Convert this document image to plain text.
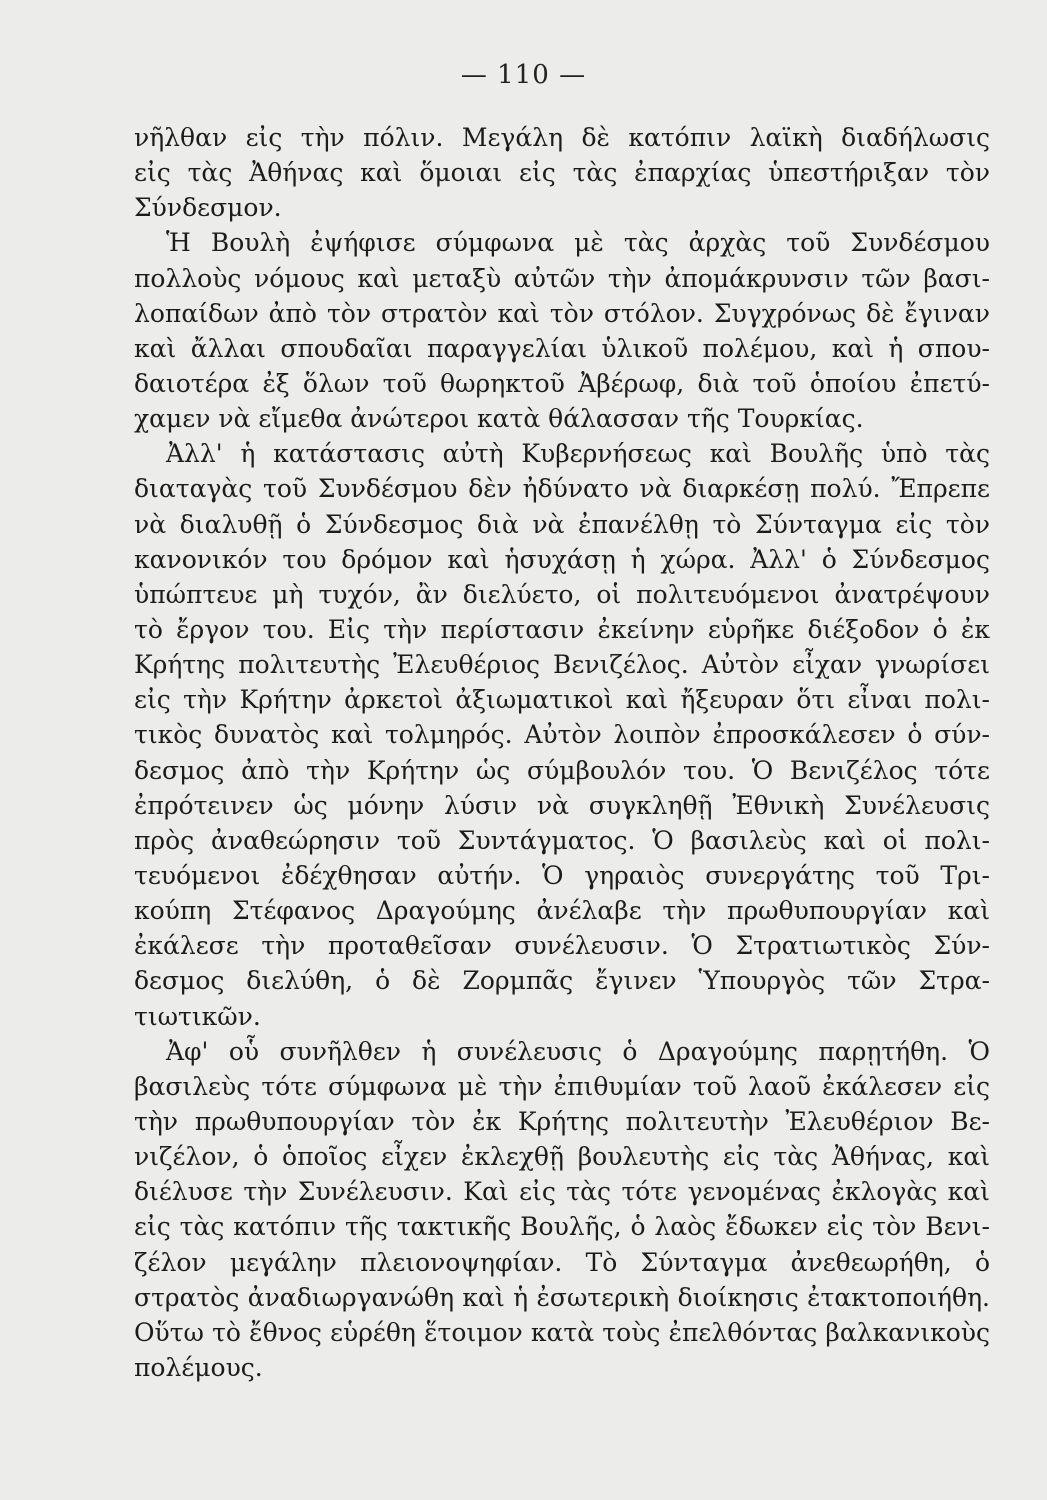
— 110 —
νῆλθαν εἰς τὴν πόλιν. Μεγάλη δὲ κατόπιν λαϊκὴ διαδήλωσις
εἰς τὰς Ἀθήνας καὶ ὅμοιαι εἰς τὰς ἐπαρχίας ὑπεστήριξαν τὸν
Σύνδεσμον.
Ἡ Βουλὴ ἐψήφισε σύμφωνα μὲ τὰς ἀρχὰς τοῦ Συνδέσμου
πολλοὺς νόμους καὶ μεταξὺ αὐτῶν τὴν ἀπομάκρυνσιν τῶν βασι-
λοπαίδων ἀπὸ τὸν στρατὸν καὶ τὸν στόλον. Συγχρόνως δὲ ἔγιναν
καὶ ἄλλαι σπουδαῖαι παραγγελίαι ὑλικοῦ πολέμου, καὶ ἡ σπου-
δαιοτέρα ἐξ ὅλων τοῦ θωρηκτοῦ Ἀβέρωφ, διὰ τοῦ ὁποίου ἐπετύ-
χαμεν νὰ εἴμεθα ἀνώτεροι κατὰ θάλασσαν τῆς Τουρκίας.
Ἀλλ' ἡ κατάστασις αὐτὴ Κυβερνήσεως καὶ Βουλῆς ὑπὸ τὰς
διαταγὰς τοῦ Συνδέσμου δὲν ἠδύνατο νὰ διαρκέσῃ πολύ. Ἔπρεπε
νὰ διαλυθῇ ὁ Σύνδεσμος διὰ νὰ ἐπανέλθῃ τὸ Σύνταγμα εἰς τὸν
κανονικόν του δρόμον καὶ ἡσυχάσῃ ἡ χώρα. Ἀλλ' ὁ Σύνδεσμος
ὑπώπτευε μὴ τυχόν, ἂν διελύετο, οἱ πολιτευόμενοι ἀνατρέψουν
τὸ ἔργον του. Εἰς τὴν περίστασιν ἐκείνην εὑρῆκε διέξοδον ὁ ἐκ
Κρήτης πολιτευτὴς Ἐλευθέριος Βενιζέλος. Αὐτὸν εἶχαν γνωρίσει
εἰς τὴν Κρήτην ἀρκετοὶ ἀξιωματικοὶ καὶ ἤξευραν ὅτι εἶναι πολι-
τικὸς δυνατὸς καὶ τολμηρός. Αὐτὸν λοιπὸν ἐπροσκάλεσεν ὁ σύν-
δεσμος ἀπὸ τὴν Κρήτην ὡς σύμβουλόν του. Ὁ Βενιζέλος τότε
ἐπρότεινεν ὡς μόνην λύσιν νὰ συγκληθῇ Ἐθνικὴ Συνέλευσις
πρὸς ἀναθεώρησιν τοῦ Συντάγματος. Ὁ βασιλεὺς καὶ οἱ πολι-
τευόμενοι ἐδέχθησαν αὐτήν. Ὁ γηραιὸς συνεργάτης τοῦ Τρι-
κούπη Στέφανος Δραγούμης ἀνέλαβε τὴν πρωθυπουργίαν καὶ
ἐκάλεσε τὴν προταθεῖσαν συνέλευσιν. Ὁ Στρατιωτικὸς Σύν-
δεσμος διελύθη, ὁ δὲ Ζορμπᾶς ἔγινεν Ὑπουργὸς τῶν Στρα-
τιωτικῶν.
Ἀφ' οὗ συνῆλθεν ἡ συνέλευσις ὁ Δραγούμης παρῃτήθη. Ὁ
βασιλεὺς τότε σύμφωνα μὲ τὴν ἐπιθυμίαν τοῦ λαοῦ ἐκάλεσεν εἰς
τὴν πρωθυπουργίαν τὸν ἐκ Κρήτης πολιτευτὴν Ἐλευθέριον Βε-
νιζέλον, ὁ ὁποῖος εἶχεν ἐκλεχθῇ βουλευτὴς εἰς τὰς Ἀθήνας, καὶ
διέλυσε τὴν Συνέλευσιν. Καὶ εἰς τὰς τότε γενομένας ἐκλογὰς καὶ
εἰς τὰς κατόπιν τῆς τακτικῆς Βουλῆς, ὁ λαὸς ἔδωκεν εἰς τὸν Βενι-
ζέλον μεγάλην πλειονοψηφίαν. Τὸ Σύνταγμα ἀνεθεωρήθη, ὁ
στρατὸς ἀναδιωργανώθη καὶ ἡ ἐσωτερικὴ διοίκησις ἐτακτοποιήθη.
Οὕτω τὸ ἔθνος εὑρέθη ἕτοιμον κατὰ τοὺς ἐπελθόντας βαλκανικοὺς
πολέμους.
